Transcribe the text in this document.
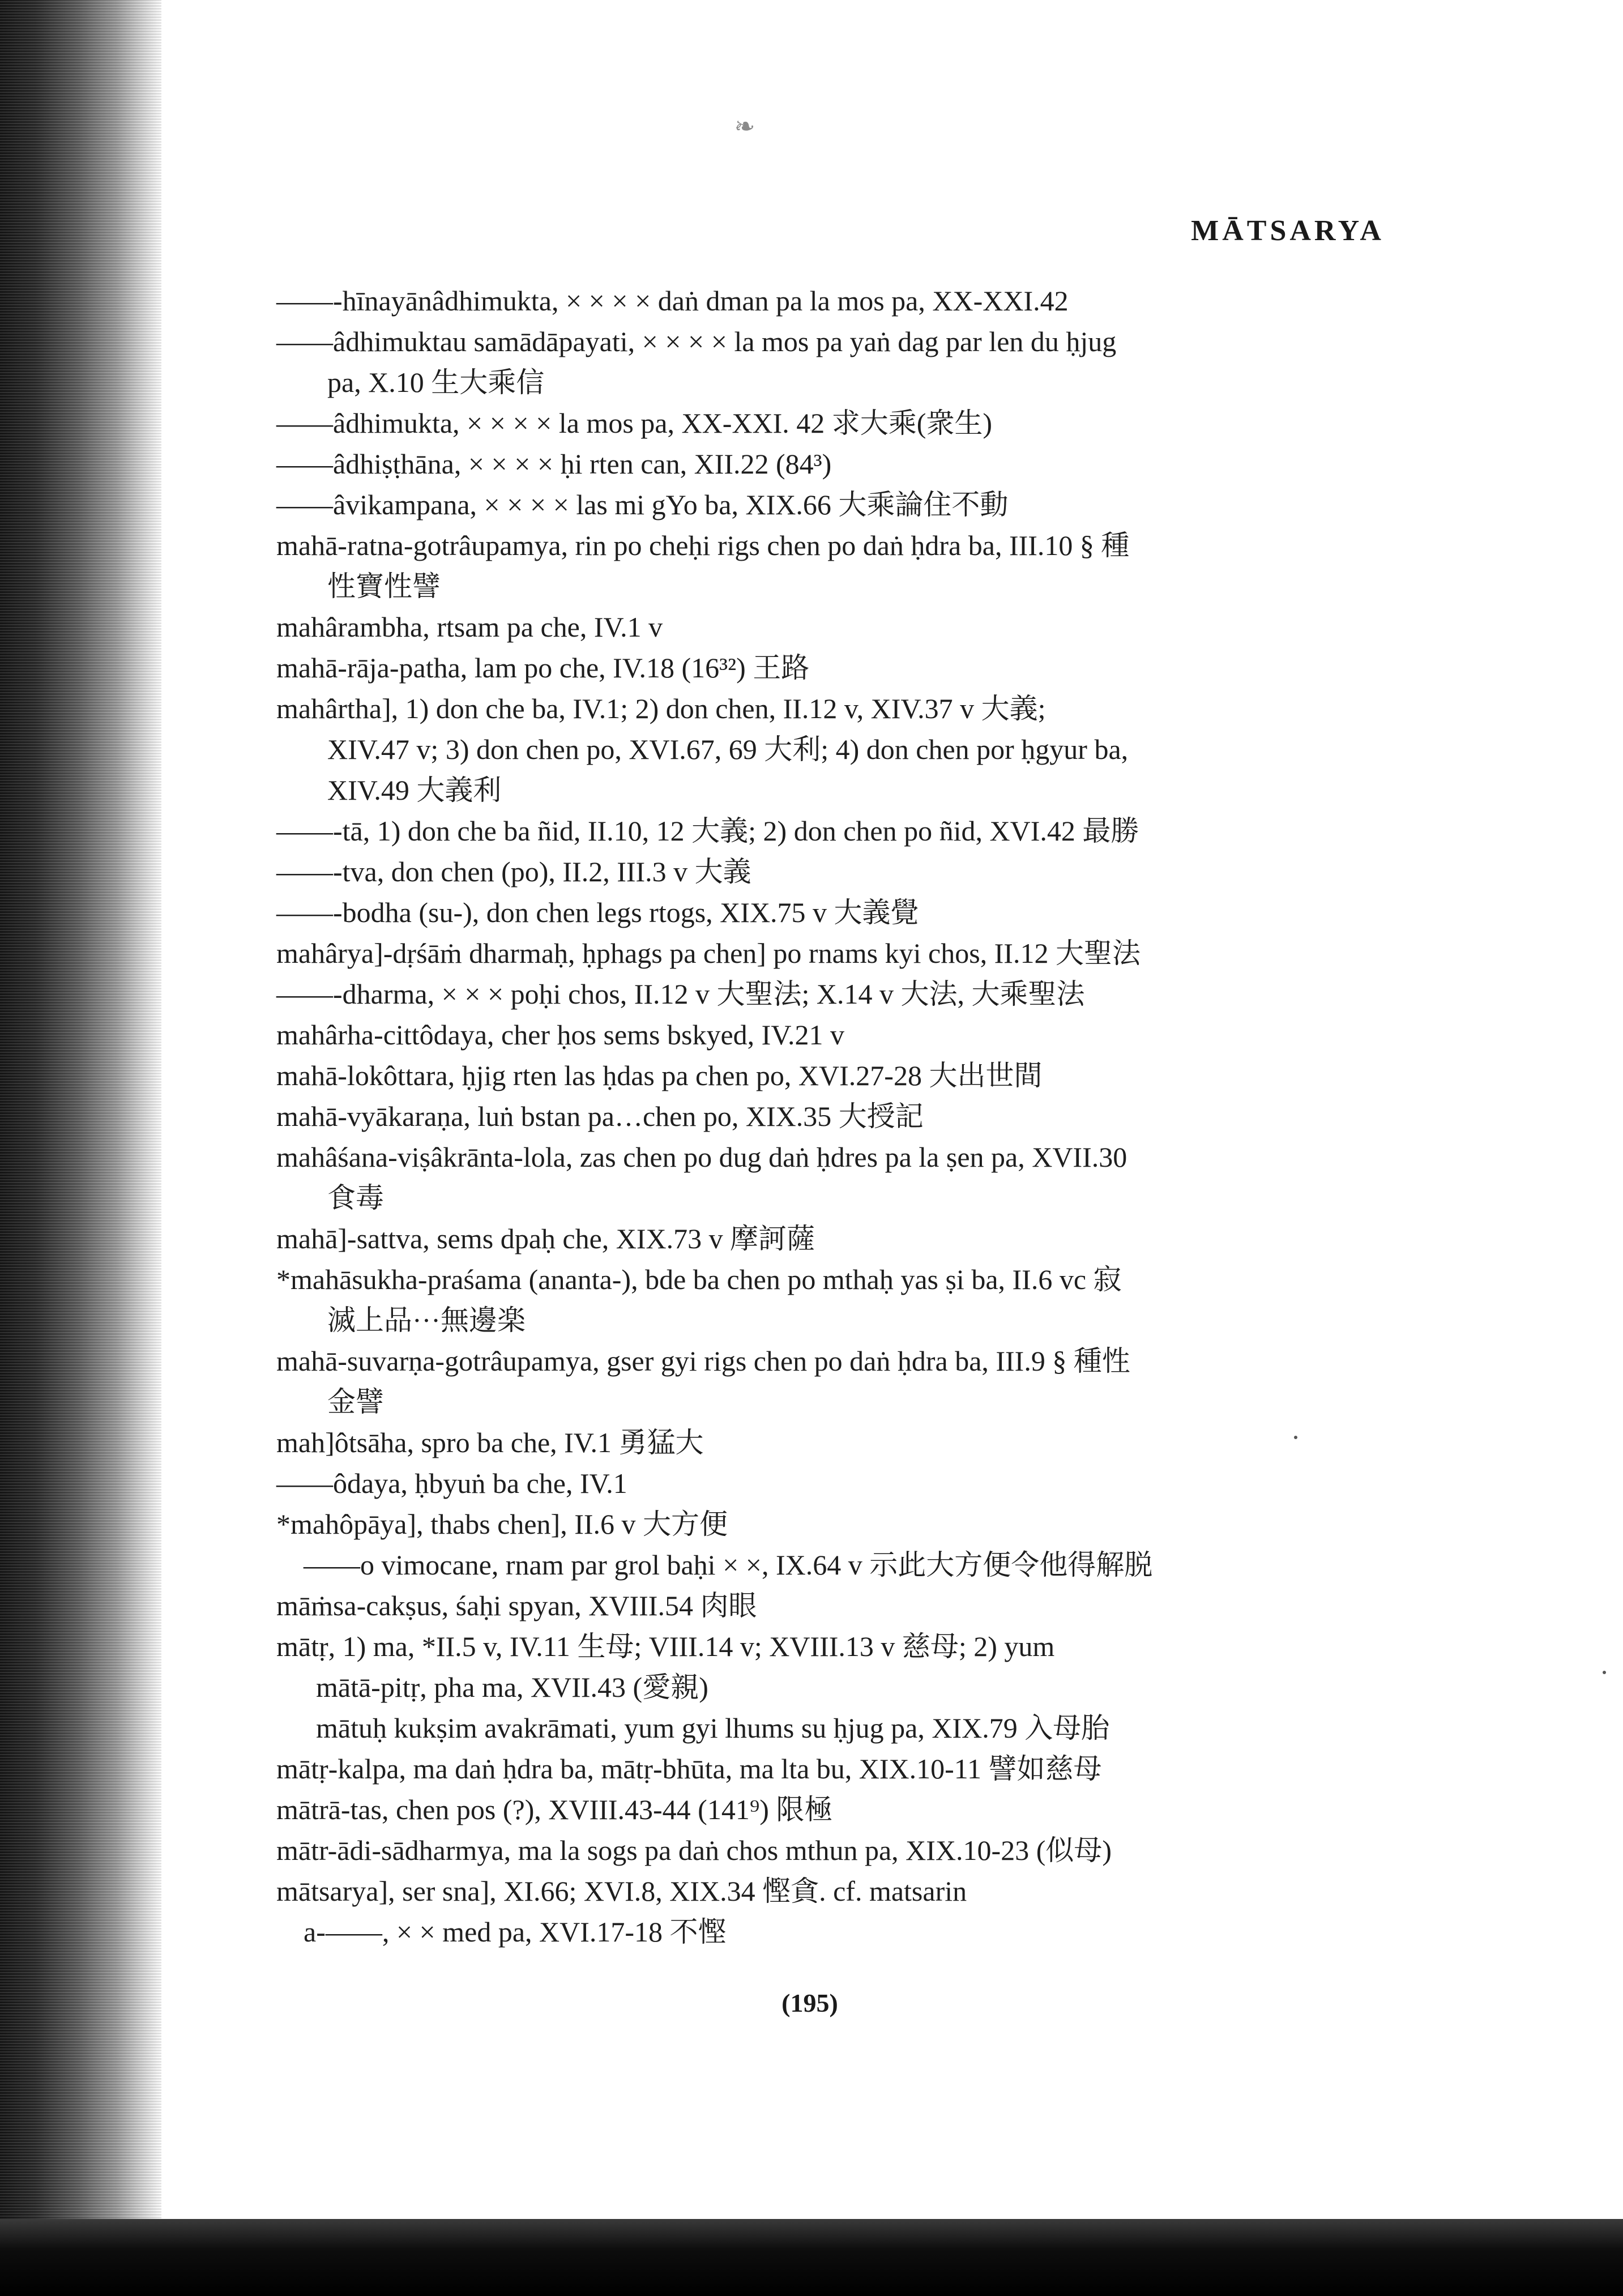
❧
MĀTSARYA
——-hīnayānâdhimukta, × × × × daṅ dman pa la mos pa, XX-XXI.42
——âdhimuktau samādāpayati, × × × × la mos pa yaṅ dag par len du ḥjug
pa, X.10 生大乘信
——âdhimukta, × × × × la mos pa, XX-XXI. 42 求大乘(衆生)
——âdhiṣṭhāna, × × × × ḥi rten can, XII.22 (84³)
——âvikampana, × × × × las mi gYo ba, XIX.66 大乘論住不動
mahā-ratna-gotrâupamya, rin po cheḥi rigs chen po daṅ ḥdra ba, III.10 § 種
性寶性譬
mahârambha, rtsam pa che, IV.1 v
mahā-rāja-patha, lam po che, IV.18 (16³²) 王路
mahârtha], 1) don che ba, IV.1; 2) don chen, II.12 v, XIV.37 v 大義;
XIV.47 v; 3) don chen po, XVI.67, 69 大利; 4) don chen por ḥgyur ba,
XIV.49 大義利
——-tā, 1) don che ba ñid, II.10, 12 大義; 2) don chen po ñid, XVI.42 最勝
——-tva, don chen (po), II.2, III.3 v 大義
——-bodha (su-), don chen legs rtogs, XIX.75 v 大義覺
mahârya]-dṛśāṁ dharmaḥ, ḥphags pa chen] po rnams kyi chos, II.12 大聖法
——-dharma, × × × poḥi chos, II.12 v 大聖法; X.14 v 大法, 大乘聖法
mahârha-cittôdaya, cher ḥos sems bskyed, IV.21 v
mahā-lokôttara, ḥjig rten las ḥdas pa chen po, XVI.27-28 大出世間
mahā-vyākaraṇa, luṅ bstan pa…chen po, XIX.35 大授記
mahâśana-viṣâkrānta-lola, zas chen po dug daṅ ḥdres pa la ṣen pa, XVII.30
食毒
mahā]-sattva, sems dpaḥ che, XIX.73 v 摩訶薩
*mahāsukha-praśama (ananta-), bde ba chen po mthaḥ yas ṣi ba, II.6 vc 寂
滅上品···無邊楽
mahā-suvarṇa-gotrâupamya, gser gyi rigs chen po daṅ ḥdra ba, III.9 § 種性
金譬
mah]ôtsāha, spro ba che, IV.1 勇猛大
——ôdaya, ḥbyuṅ ba che, IV.1
*mahôpāya], thabs chen], II.6 v 大方便
——o vimocane, rnam par grol baḥi × ×, IX.64 v 示此大方便令他得解脱
māṁsa-cakṣus, śaḥi spyan, XVIII.54 肉眼
mātṛ, 1) ma, *II.5 v, IV.11 生母; VIII.14 v; XVIII.13 v 慈母; 2) yum
mātā-pitṛ, pha ma, XVII.43 (愛親)
mātuḥ kukṣim avakrāmati, yum gyi lhums su ḥjug pa, XIX.79 入母胎
mātṛ-kalpa, ma daṅ ḥdra ba, mātṛ-bhūta, ma lta bu, XIX.10-11 譬如慈母
mātrā-tas, chen pos (?), XVIII.43-44 (141⁹) 限極
mātr-ādi-sādharmya, ma la sogs pa daṅ chos mthun pa, XIX.10-23 (似母)
mātsarya], ser sna], XI.66; XVI.8, XIX.34 慳貪. cf. matsarin
a-——, × × med pa, XVI.17-18 不慳
(195)
